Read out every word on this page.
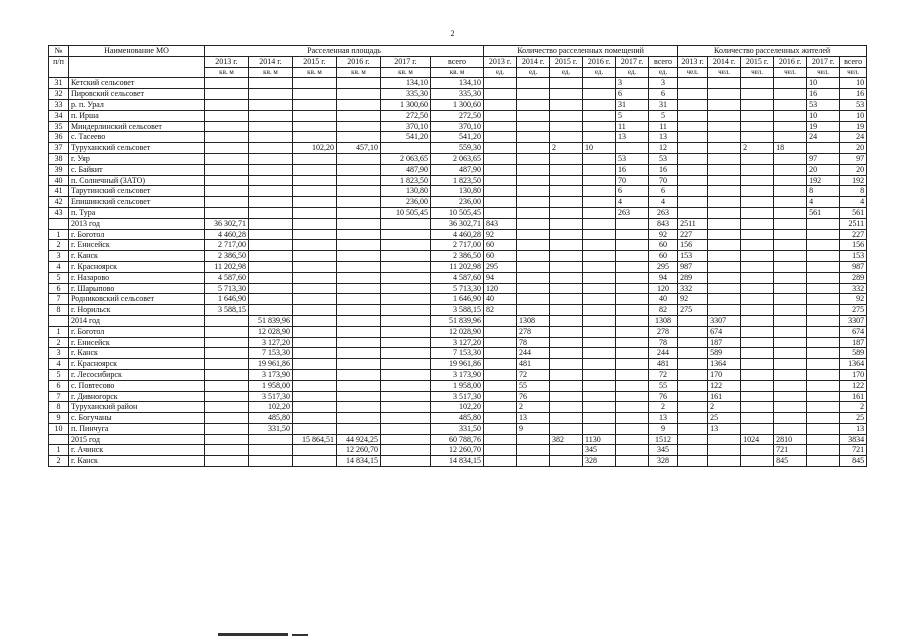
2
№	Наименование МО	Расселенная площадь						Количество расселенных помещений						Количество расселенных жителей					
п/п		2013 г.	2014 г.	2015 г.	2016 г.	2017 г.	всего	2013 г.	2014 г.	2015 г.	2016 г.	2017 г.	всего	2013 г.	2014 г.	2015 г.	2016 г.	2017 г.	всего
		кв. м	кв. м	кв. м	кв. м	кв. м	кв. м	ед.	ед.	ед.	ед.	ед.	ед.	чел.	чел.	чел.	чел.	чел.	чел.
31	Кетский сельсовет					134,10	134,10					3	3					10	10
32	Пировский сельсовет					335,30	335,30					6	6					16	16
33	р. п. Урал					1 300,60	1 300,60					31	31					53	53
34	п. Ирша					272,50	272,50					5	5					10	10
35	Миндерлинский сельсовет					370,10	370,10					11	11					19	19
36	с. Тасеево					541,20	541,20					13	13					24	24
37	Туруханский сельсовет			102,20	457,10		559,30			2	10		12			2	18		20
38	г. Уяр					2 063,65	2 063,65					53	53					97	97
39	с. Байкит					487,90	487,90					16	16					20	20
40	п. Солнечный (ЗАТО)					1 823,50	1 823,50					70	70					192	192
41	Тарутинский сельсовет					130,80	130,80					6	6					8	8
42	Епишинский сельсовет					236,00	236,00					4	4					4	4
43	п. Тура					10 505,45	10 505,45					263	263					561	561
	2013 год	36 302,71					36 302,71	843					843	2511					2511
1	г. Боготол	4 460,28					4 460,28	92					92	227					227
2	г. Енисейск	2 717,00					2 717,00	60					60	156					156
3	г. Канск	2 386,50					2 386,50	60					60	153					153
4	г. Красноярск	11 202,98					11 202,98	295					295	987					987
5	г. Назарово	4 587,60					4 587,60	94					94	289					289
6	г. Шарыпово	5 713,30					5 713,30	120					120	332					332
7	Родниковский сельсовет	1 646,90					1 646,90	40					40	92					92
8	г. Норильск	3 588,15					3 588,15	82					82	275					275
	2014 год		51 839,96				51 839,96		1308				1308		3307				3307
1	г. Боготол		12 028,90				12 028,90		278				278		674				674
2	г. Енисейск		3 127,20				3 127,20		78				78		187				187
3	г. Канск		7 153,30				7 153,30		244				244		589				589
4	г. Красноярск		19 961,86				19 961,86		481				481		1364				1364
5	г. Лесосибирск		3 173,90				3 173,90		72				72		170				170
6	с. Повтесово		1 958,00				1 958,00		55				55		122				122
7	г. Дивногорск		3 517,30				3 517,30		76				76		161				161
8	Туруханский район		102,20				102,20		2				2		2				2
9	с. Богучаны		485,80				485,80		13				13		25				25
10	п. Пинчуга		331,50				331,50		9				9		13				13
	2015 год			15 864,51	44 924,25		60 788,76			382	1130		1512			1024	2810		3834
1	г. Ачинск				12 260,70		12 260,70				345		345				721		721
2	г. Канск				14 834,15		14 834,15				328		328				845		845
